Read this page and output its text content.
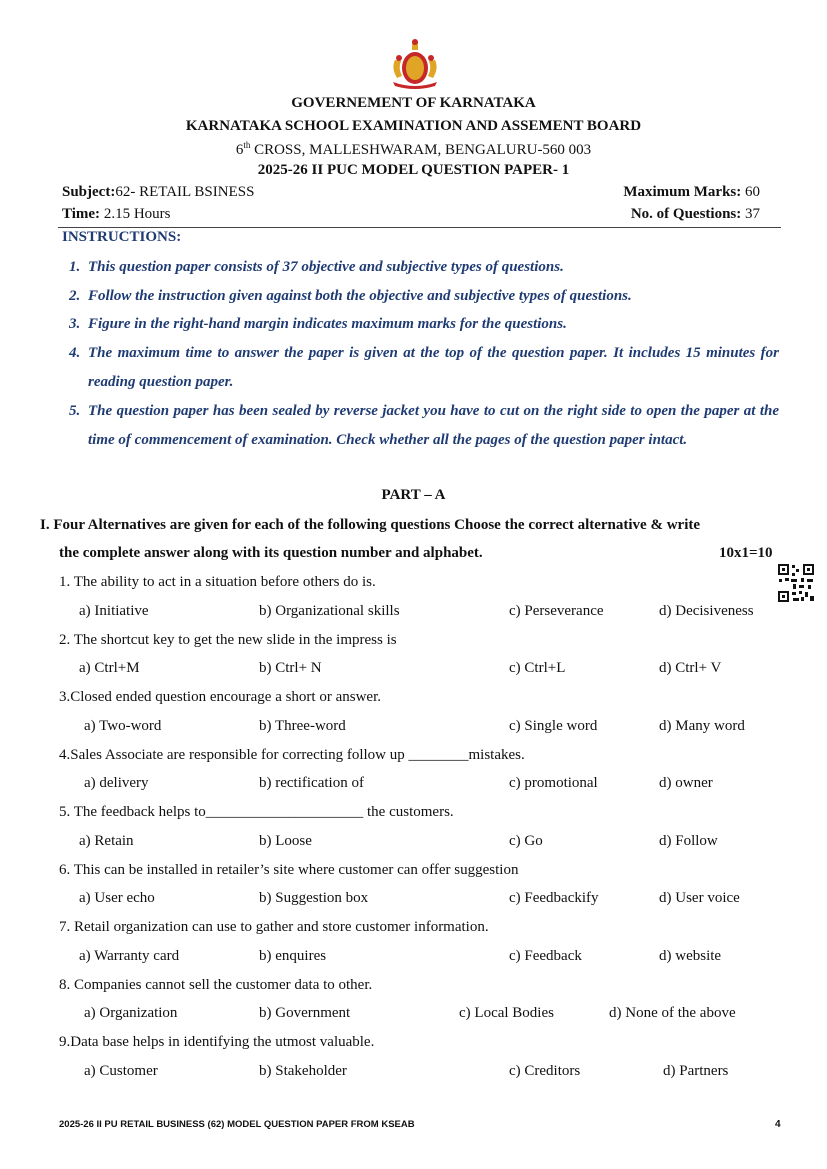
GOVERNEMENT OF KARNATAKA
KARNATAKA SCHOOL EXAMINATION AND ASSEMENT BOARD
6th CROSS, MALLESHWARAM, BENGALURU-560 003
2025-26 II PUC MODEL QUESTION PAPER- 1
Subject:62- RETAIL BSINESS	Maximum Marks: 60
Time: 2.15 Hours	No. of Questions: 37
INSTRUCTIONS:
1. This question paper consists of 37 objective and subjective types of questions.
2. Follow the instruction given against both the objective and subjective types of questions.
3. Figure in the right-hand margin indicates maximum marks for the questions.
4. The maximum time to answer the paper is given at the top of the question paper. It includes 15 minutes for reading question paper.
5. The question paper has been sealed by reverse jacket you have to cut on the right side to open the paper at the time of commencement of examination. Check whether all the pages of the question paper intact.
PART – A
I. Four Alternatives are given for each of the following questions Choose the correct alternative & write
the complete answer along with its question number and alphabet.	10x1=10
1. The ability to act in a situation before others do is.
a) Initiative	b) Organizational skills	c) Perseverance	d) Decisiveness
2. The shortcut key to get the new slide in the impress is
a) Ctrl+M	b) Ctrl+ N	c) Ctrl+L	d) Ctrl+ V
3.Closed ended question encourage a short or answer.
a) Two-word	b) Three-word	c) Single word	d) Many word
4.Sales Associate are responsible for correcting follow up ________mistakes.
a) delivery	b) rectification of	c) promotional	d) owner
5. The feedback helps to_____________________ the customers.
a) Retain	b) Loose	c) Go	d) Follow
6. This can be installed in retailer’s site where customer can offer suggestion
a) User echo	b) Suggestion box	c) Feedbackify	d) User voice
7. Retail organization can use to gather and store customer information.
a) Warranty card	b) enquires	c) Feedback	d) website
8. Companies cannot sell the customer data to other.
a) Organization	b) Government	c) Local Bodies	d) None of the above
9.Data base helps in identifying the utmost valuable.
a) Customer	b) Stakeholder	c) Creditors	d) Partners
2025-26 II PU RETAIL BUSINESS (62) MODEL QUESTION PAPER FROM KSEAB	4
